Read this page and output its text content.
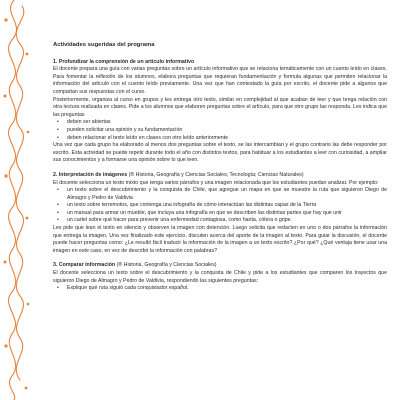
Actividades sugeridas del programa
1. Profundizar la comprensión de un artículo informativo

El docente prepara una guía con varias preguntas sobre un artículo informativo que se relaciona temáticamente con un cuento leído en clases. Para fomentar la reflexión de los alumnos, elabora preguntas que requieran fundamentación y formula algunas que permiten relacionar la información del artículo con el cuento leído previamente. Una vez que han contestado la guía por escrito, el docente pide a algunos que compartan sus respuestas con el curso.

Posteriormente, organiza al curso en grupos y les entrega otro texto, similar en complejidad al que acaban de leer y que tenga relación con otra lectura realizada en clases. Pide a los alumnos que elaboren preguntas sobre el artículo, para que otro grupo las responda. Les indica que las preguntas

• deben ser abiertas
• pueden solicitar una opinión y su fundamentación
• deben relacionar el texto leído en clases con otro leído anteriormente

Una vez que cada grupo ha elaborado al menos dos preguntas sobre el texto, se las intercambian y el grupo contrario las debe responder por escrito. Esta actividad se puede repetir durante todo el año con distintos textos, para habituar a los estudiantes a leer con curiosidad, a ampliar sus conocimientos y a formarse una opinión sobre lo que leen.

2. Interpretación de imágenes (® Historia, Geografía y Ciencias Sociales; Tecnología; Ciencias Naturales)

El docente selecciona un texto mixto que tenga varios párrafos y una imagen relacionada que los estudiantes puedan analizar. Por ejemplo:

• un texto sobre el descubrimiento y la conquista de Chile, que agregue un mapa en que se muestre la ruta que siguieron Diego de Almagro y Pedro de Valdivia
• un texto sobre terremotos, que contenga una infografía de cómo interactúan las distintas capas de la Tierra
• un manual para armar un mueble, que incluya una infografía en que se describen las distintas partes que hay que unir
• un cartel sobre qué hacer para prevenir una enfermedad contagiosa, como hanta, cólera o gripe.

Les pide que lean el texto en silencio y observen la imagen con detención. Luego solicita que redacten en uno o dos párrafos la información que entrega la imagen. Una vez finalizado este ejercicio, discuten acerca del aporte de la imagen al texto. Para guiar la discusión, el docente puede hacer preguntas como: ¿Le resultó fácil traducir la información de la imagen a un texto escrito? ¿Por qué? ¿Qué ventaja tiene usar una imagen en este caso, en vez de describir la información con palabras?

3. Comparar información (® Historia, Geografía y Ciencias Sociales)

El docente selecciona un texto sobre el descubrimiento y la conquista de Chile y pide a los estudiantes que comparen los trayectos que siguieron Diego de Almagro y Pedro de Valdivia, respondiendo las siguientes preguntas:

• Explique qué ruta siguió cada conquistador español.
